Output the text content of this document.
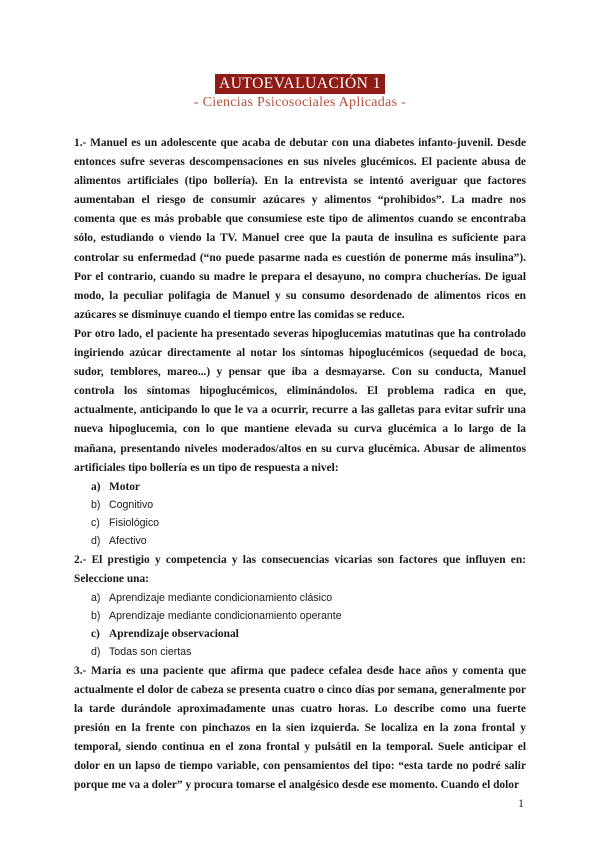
AUTOEVALUACIÓN 1
- Ciencias Psicosociales Aplicadas -

1.- Manuel es un adolescente que acaba de debutar con una diabetes infanto-juvenil. Desde entonces sufre severas descompensaciones en sus niveles glucémicos. El paciente abusa de alimentos artificiales (tipo bollería). En la entrevista se intentó averiguar que factores aumentaban el riesgo de consumir azúcares y alimentos “prohibidos”. La madre nos comenta que es más probable que consumiese este tipo de alimentos cuando se encontraba sólo, estudiando o viendo la TV. Manuel cree que la pauta de insulina es suficiente para controlar su enfermedad (“no puede pasarme nada es cuestión de ponerme más insulina”). Por el contrario, cuando su madre le prepara el desayuno, no compra chucherías. De igual modo, la peculiar polifagia de Manuel y su consumo desordenado de alimentos ricos en azúcares se disminuye cuando el tiempo entre las comidas se reduce.

Por otro lado, el paciente ha presentado severas hipoglucemias matutinas que ha controlado ingiriendo azúcar directamente al notar los síntomas hipoglucémicos (sequedad de boca, sudor, temblores, mareo...) y pensar que iba a desmayarse. Con su conducta, Manuel controla los síntomas hipoglucémicos, eliminándolos. El problema radica en que, actualmente, anticipando lo que le va a ocurrir, recurre a las galletas para evitar sufrir una nueva hipoglucemia, con lo que mantiene elevada su curva glucémica a lo largo de la mañana, presentando niveles moderados/altos en su curva glucémica. Abusar de alimentos artificiales tipo bollería es un tipo de respuesta a nivel:

a) Motor
b) Cognitivo
c) Fisiológico
d) Afectivo

2.- El prestigio y competencia y las consecuencias vicarias son factores que influyen en: Seleccione una:

a) Aprendizaje mediante condicionamiento clásico
b) Aprendizaje mediante condicionamiento operante
c) Aprendizaje observacional
d) Todas son ciertas

3.- María es una paciente que afirma que padece cefalea desde hace años y comenta que actualmente el dolor de cabeza se presenta cuatro o cinco días por semana, generalmente por la tarde durándole aproximadamente unas cuatro horas. Lo describe como una fuerte presión en la frente con pinchazos en la sien izquierda. Se localiza en la zona frontal y temporal, siendo continua en el zona frontal y pulsátil en la temporal. Suele anticipar el dolor en un lapso de tiempo variable, con pensamientos del tipo: “esta tarde no podré salir porque me va a doler” y procura tomarse el analgésico desde ese momento. Cuando el dolor

1
